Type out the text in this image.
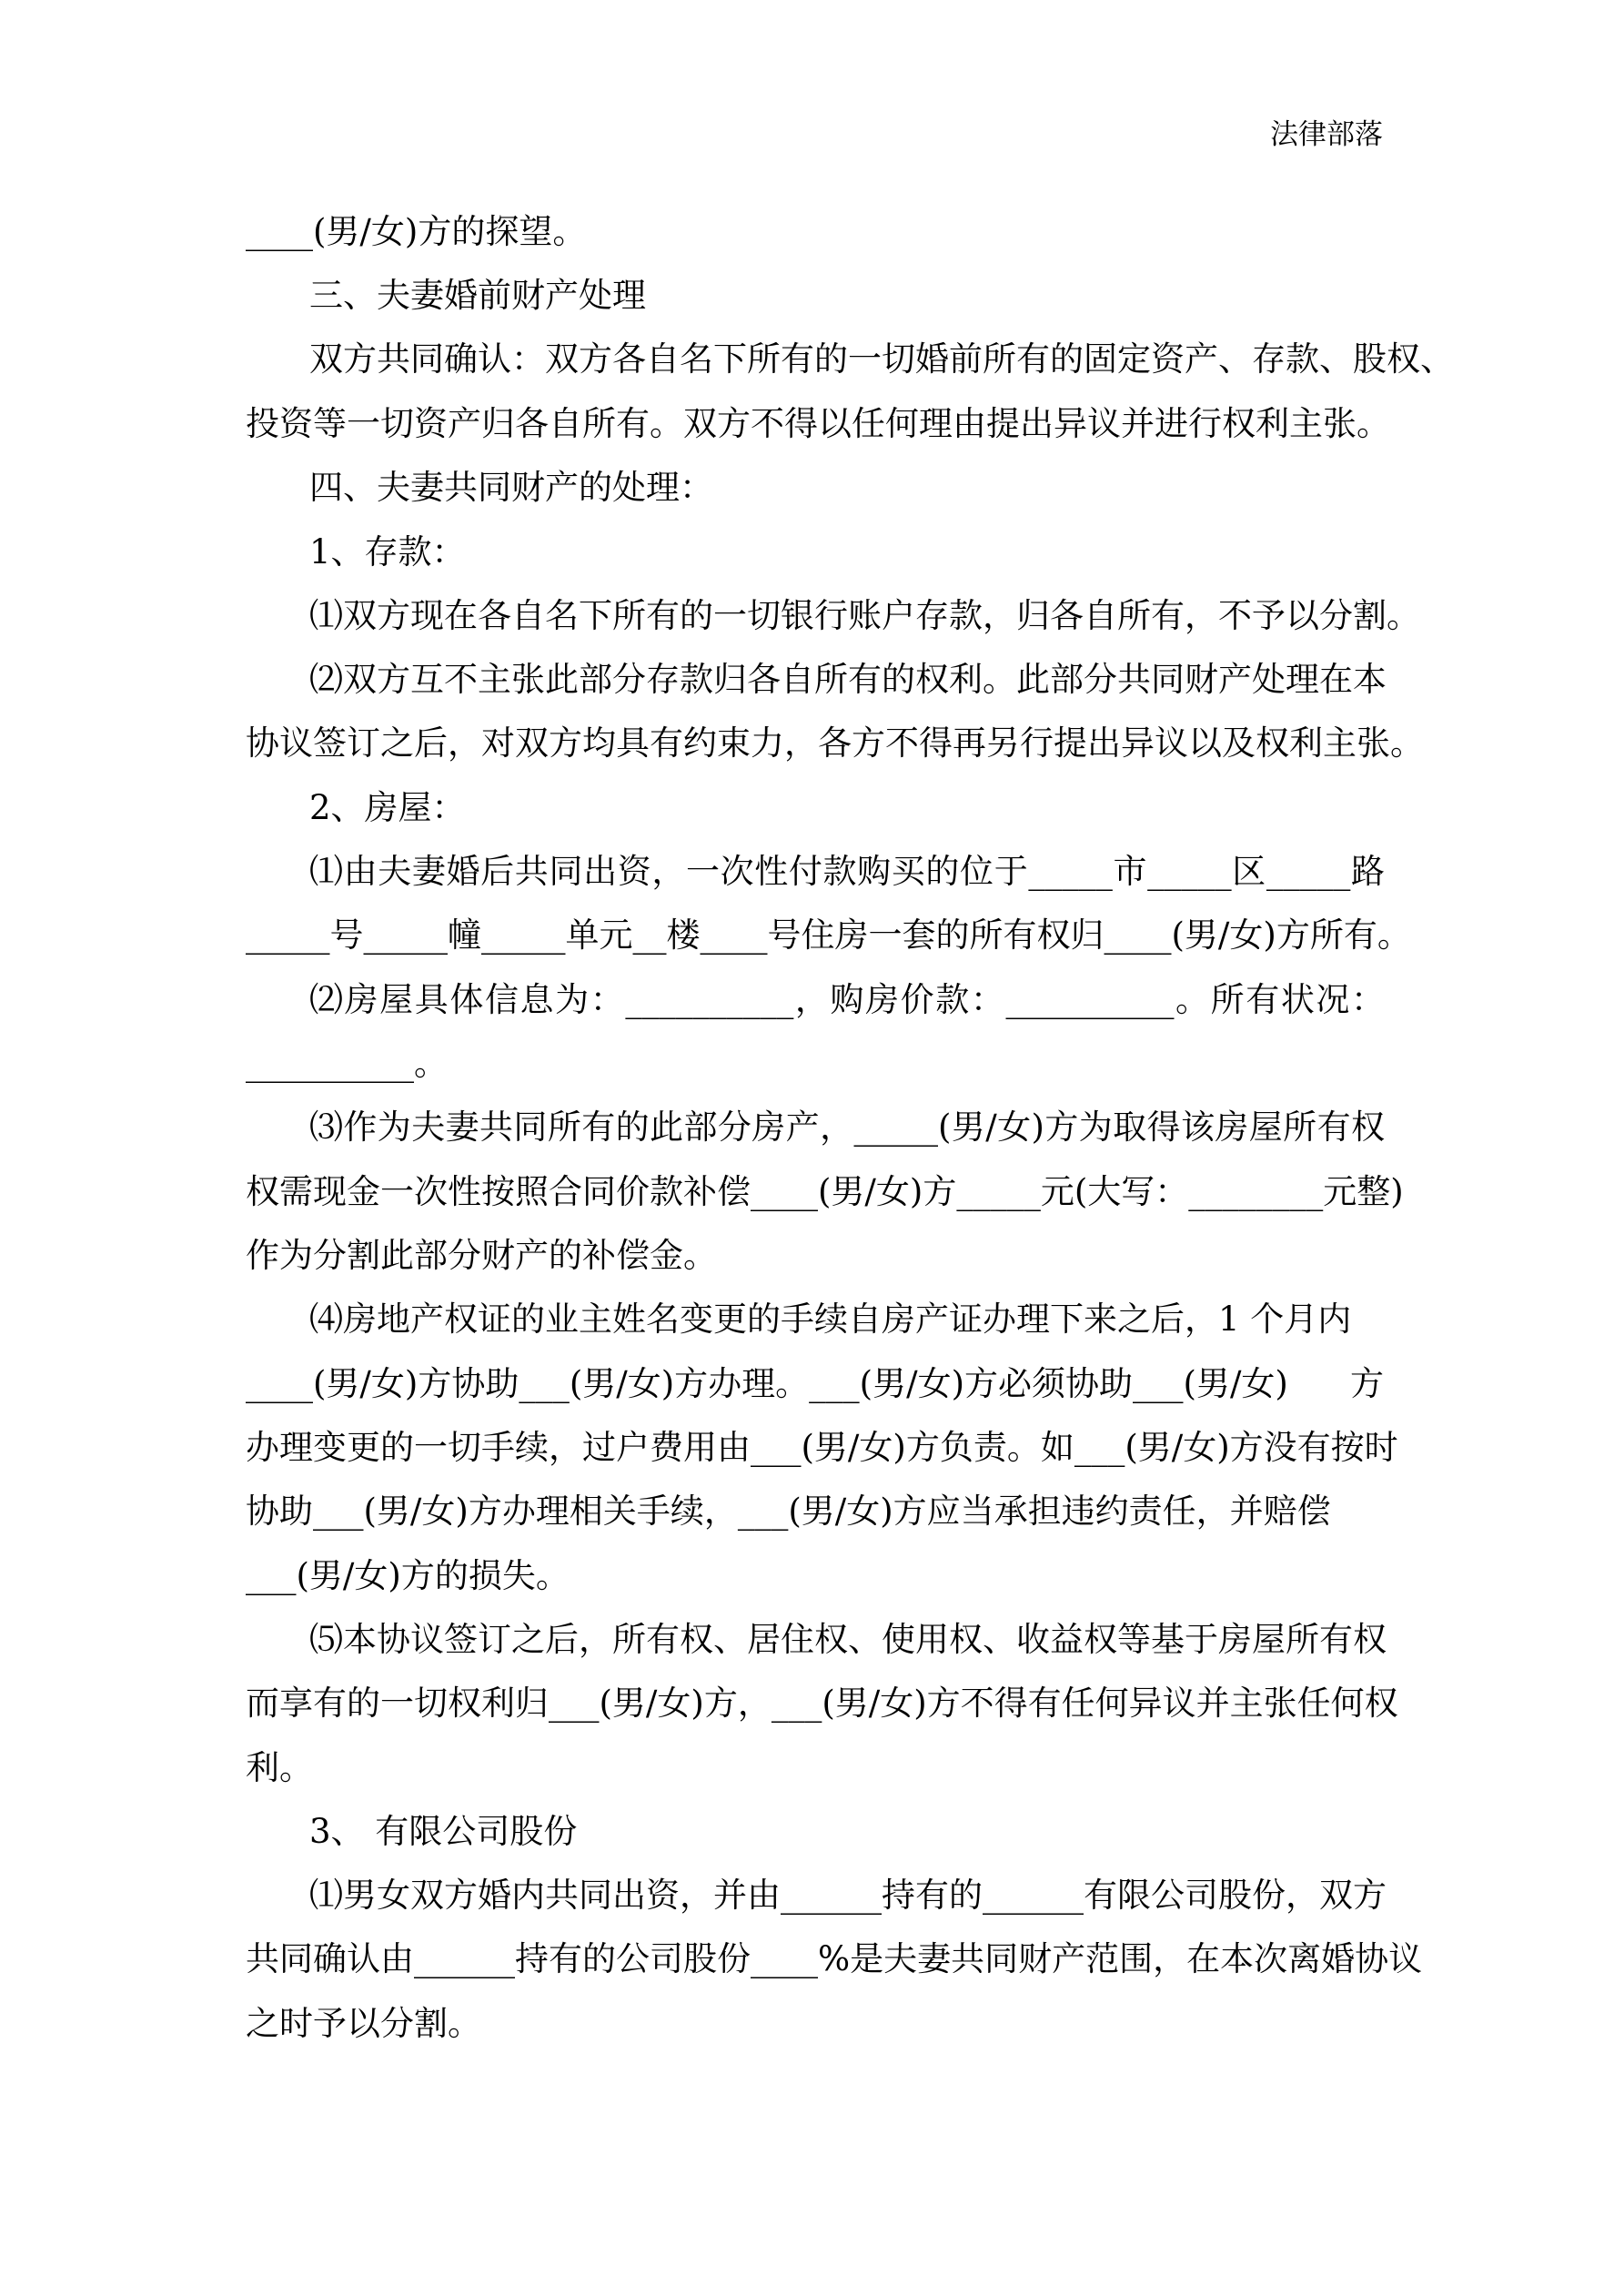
法律部落
____(男/女)方的探望。
三、夫妻婚前财产处理
双方共同确认：双方各自名下所有的一切婚前所有的固定资产、存款、股权、
投资等一切资产归各自所有。双方不得以任何理由提出异议并进行权利主张。
四、夫妻共同财产的处理：
1、存款：
⑴双方现在各自名下所有的一切银行账户存款，归各自所有，不予以分割。
⑵双方互不主张此部分存款归各自所有的权利。此部分共同财产处理在本
协议签订之后，对双方均具有约束力，各方不得再另行提出异议以及权利主张。
2、房屋：
⑴由夫妻婚后共同出资，一次性付款购买的位于_____市_____区_____路
_____号_____幢_____单元__楼____号住房一套的所有权归____(男/女)方所有。
⑵房屋具体信息为：__________，购房价款：__________。所有状况：
__________。
⑶作为夫妻共同所有的此部分房产，_____(男/女)方为取得该房屋所有权
权需现金一次性按照合同价款补偿____(男/女)方_____元(大写：________元整)
作为分割此部分财产的补偿金。
⑷房地产权证的业主姓名变更的手续自房产证办理下来之后，1 个月内
____(男/女)方协助___(男/女)方办理。___(男/女)方必须协助___(男/女) 方
办理变更的一切手续，过户费用由___(男/女)方负责。如___(男/女)方没有按时
协助___(男/女)方办理相关手续，___(男/女)方应当承担违约责任，并赔偿
___(男/女)方的损失。
⑸本协议签订之后，所有权、居住权、使用权、收益权等基于房屋所有权
而享有的一切权利归___(男/女)方，___(男/女)方不得有任何异议并主张任何权
利。
3、 有限公司股份
⑴男女双方婚内共同出资，并由______持有的______有限公司股份，双方
共同确认由______持有的公司股份____%是夫妻共同财产范围，在本次离婚协议
之时予以分割。
